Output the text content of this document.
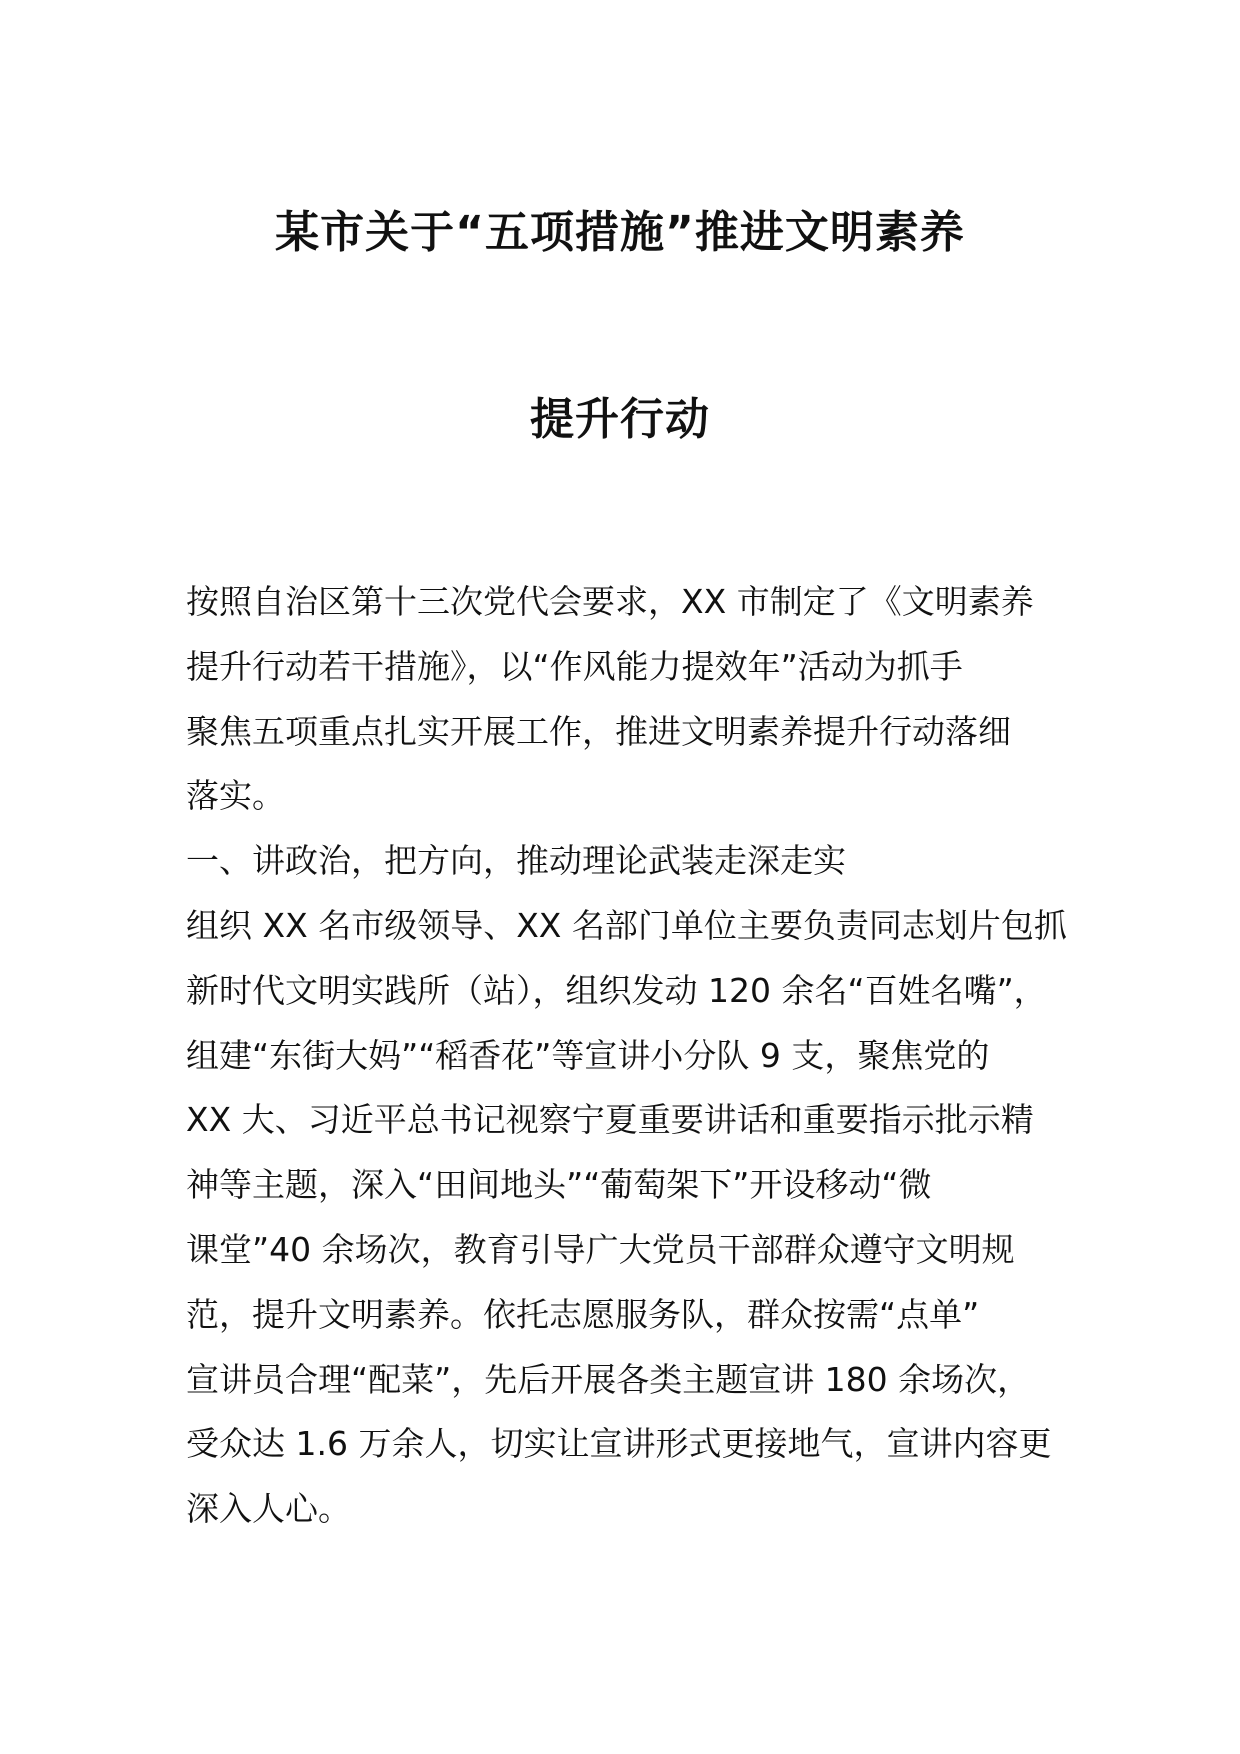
某市关于“五项措施”推进文明素养
提升行动

按照自治区第十三次党代会要求，XX 市制定了《文明素养

提升行动若干措施》，以“作风能力提效年”活动为抓手

聚焦五项重点扎实开展工作，推进文明素养提升行动落细

落实。

一、讲政治，把方向，推动理论武装走深走实

组织 XX 名市级领导、XX 名部门单位主要负责同志划片包抓

新时代文明实践所（站），组织发动 120 余名“百姓名嘴”，

组建“东街大妈”“稻香花”等宣讲小分队 9 支，聚焦党的

XX 大、习近平总书记视察宁夏重要讲话和重要指示批示精

神等主题，深入“田间地头”“葡萄架下”开设移动“微

课堂”40 余场次，教育引导广大党员干部群众遵守文明规

范，提升文明素养。依托志愿服务队，群众按需“点单”

宣讲员合理“配菜”，先后开展各类主题宣讲 180 余场次，

受众达 1.6 万余人，切实让宣讲形式更接地气，宣讲内容更

深入人心。
